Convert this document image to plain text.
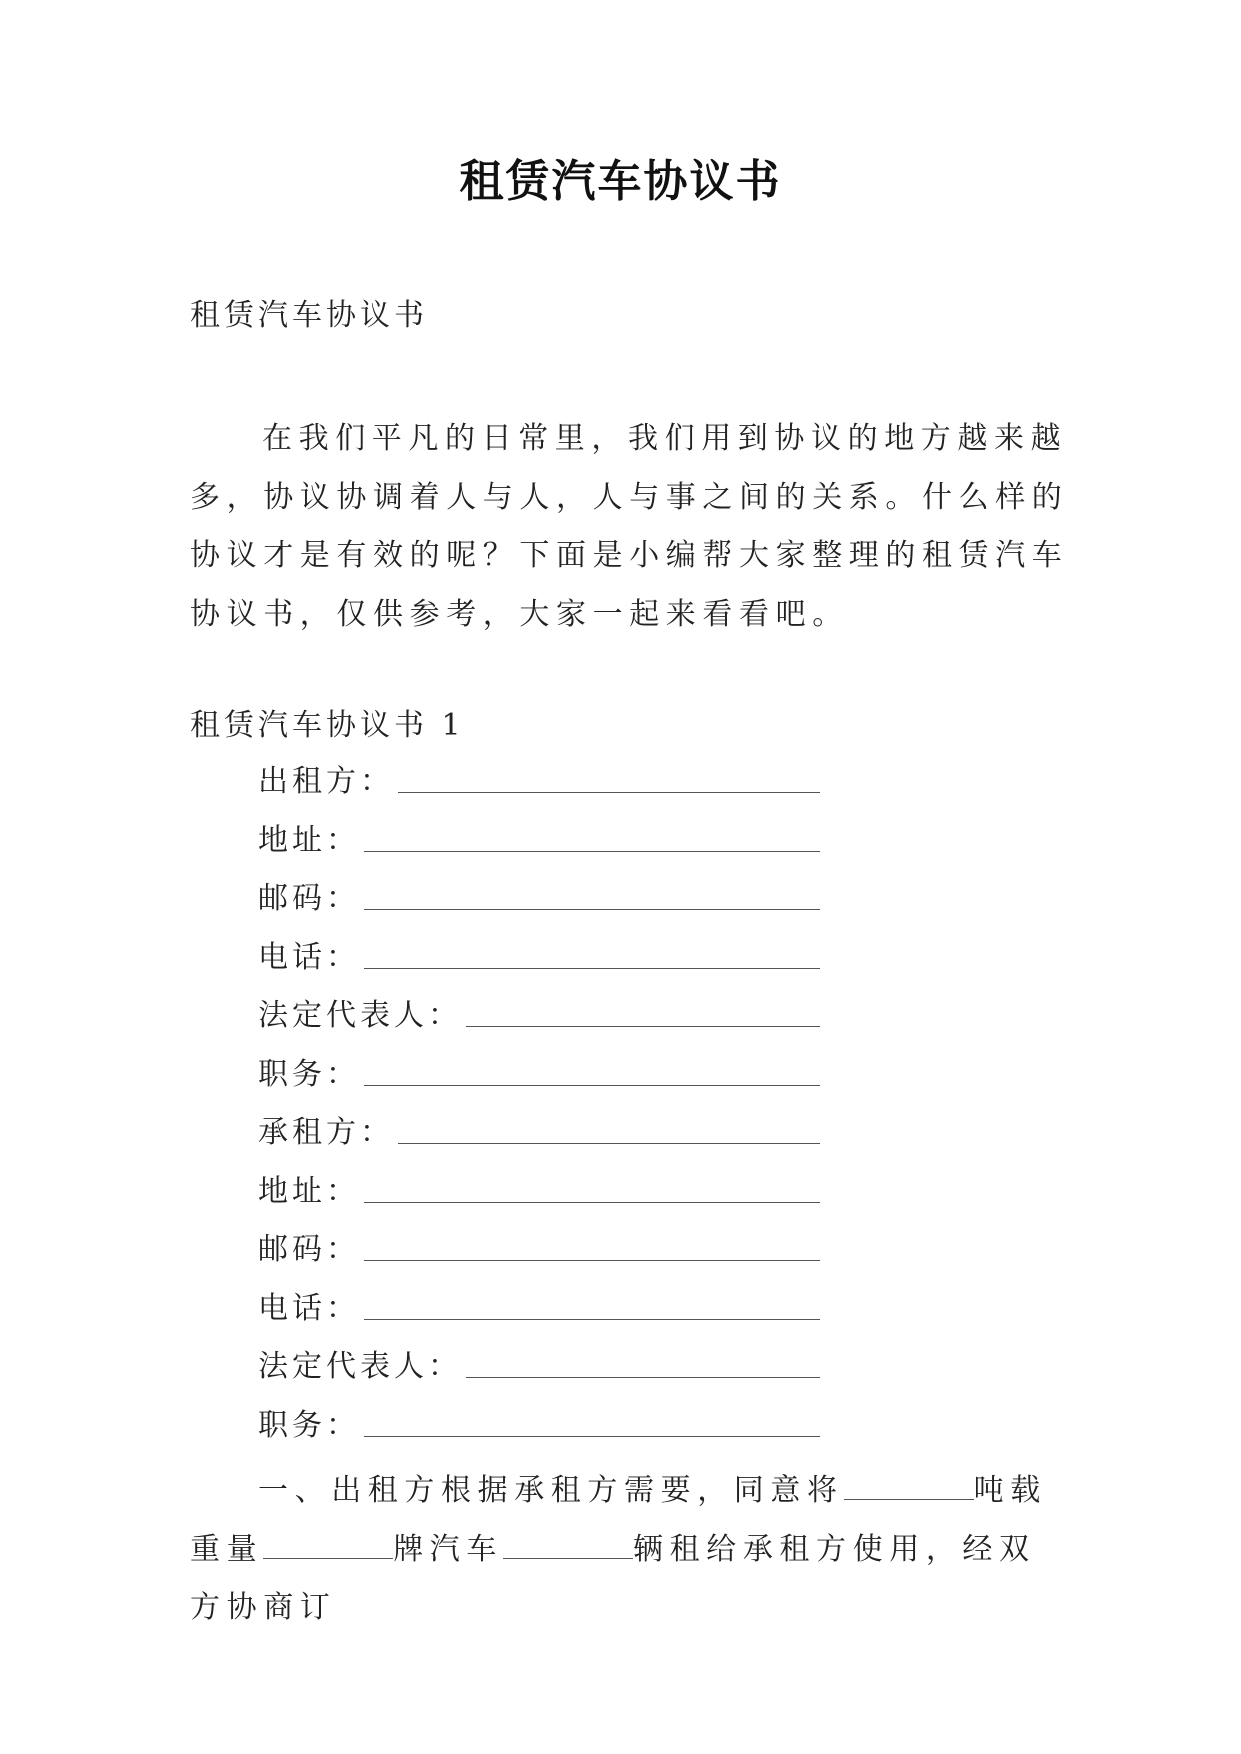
租赁汽车协议书
租赁汽车协议书

在我们平凡的日常里，我们用到协议的地方越来越多，协议协调着人与人，人与事之间的关系。什么样的协议才是有效的呢？下面是小编帮大家整理的租赁汽车协议书，仅供参考，大家一起来看看吧。

租赁汽车协议书 1
出租方：
地址：
邮码：
电话：
法定代表人：
职务：
承租方：
地址：
邮码：
电话：
法定代表人：
职务：

一、出租方根据承租方需要，同意将	吨载重量	牌汽车	辆租给承租方使用，经双方协商订
